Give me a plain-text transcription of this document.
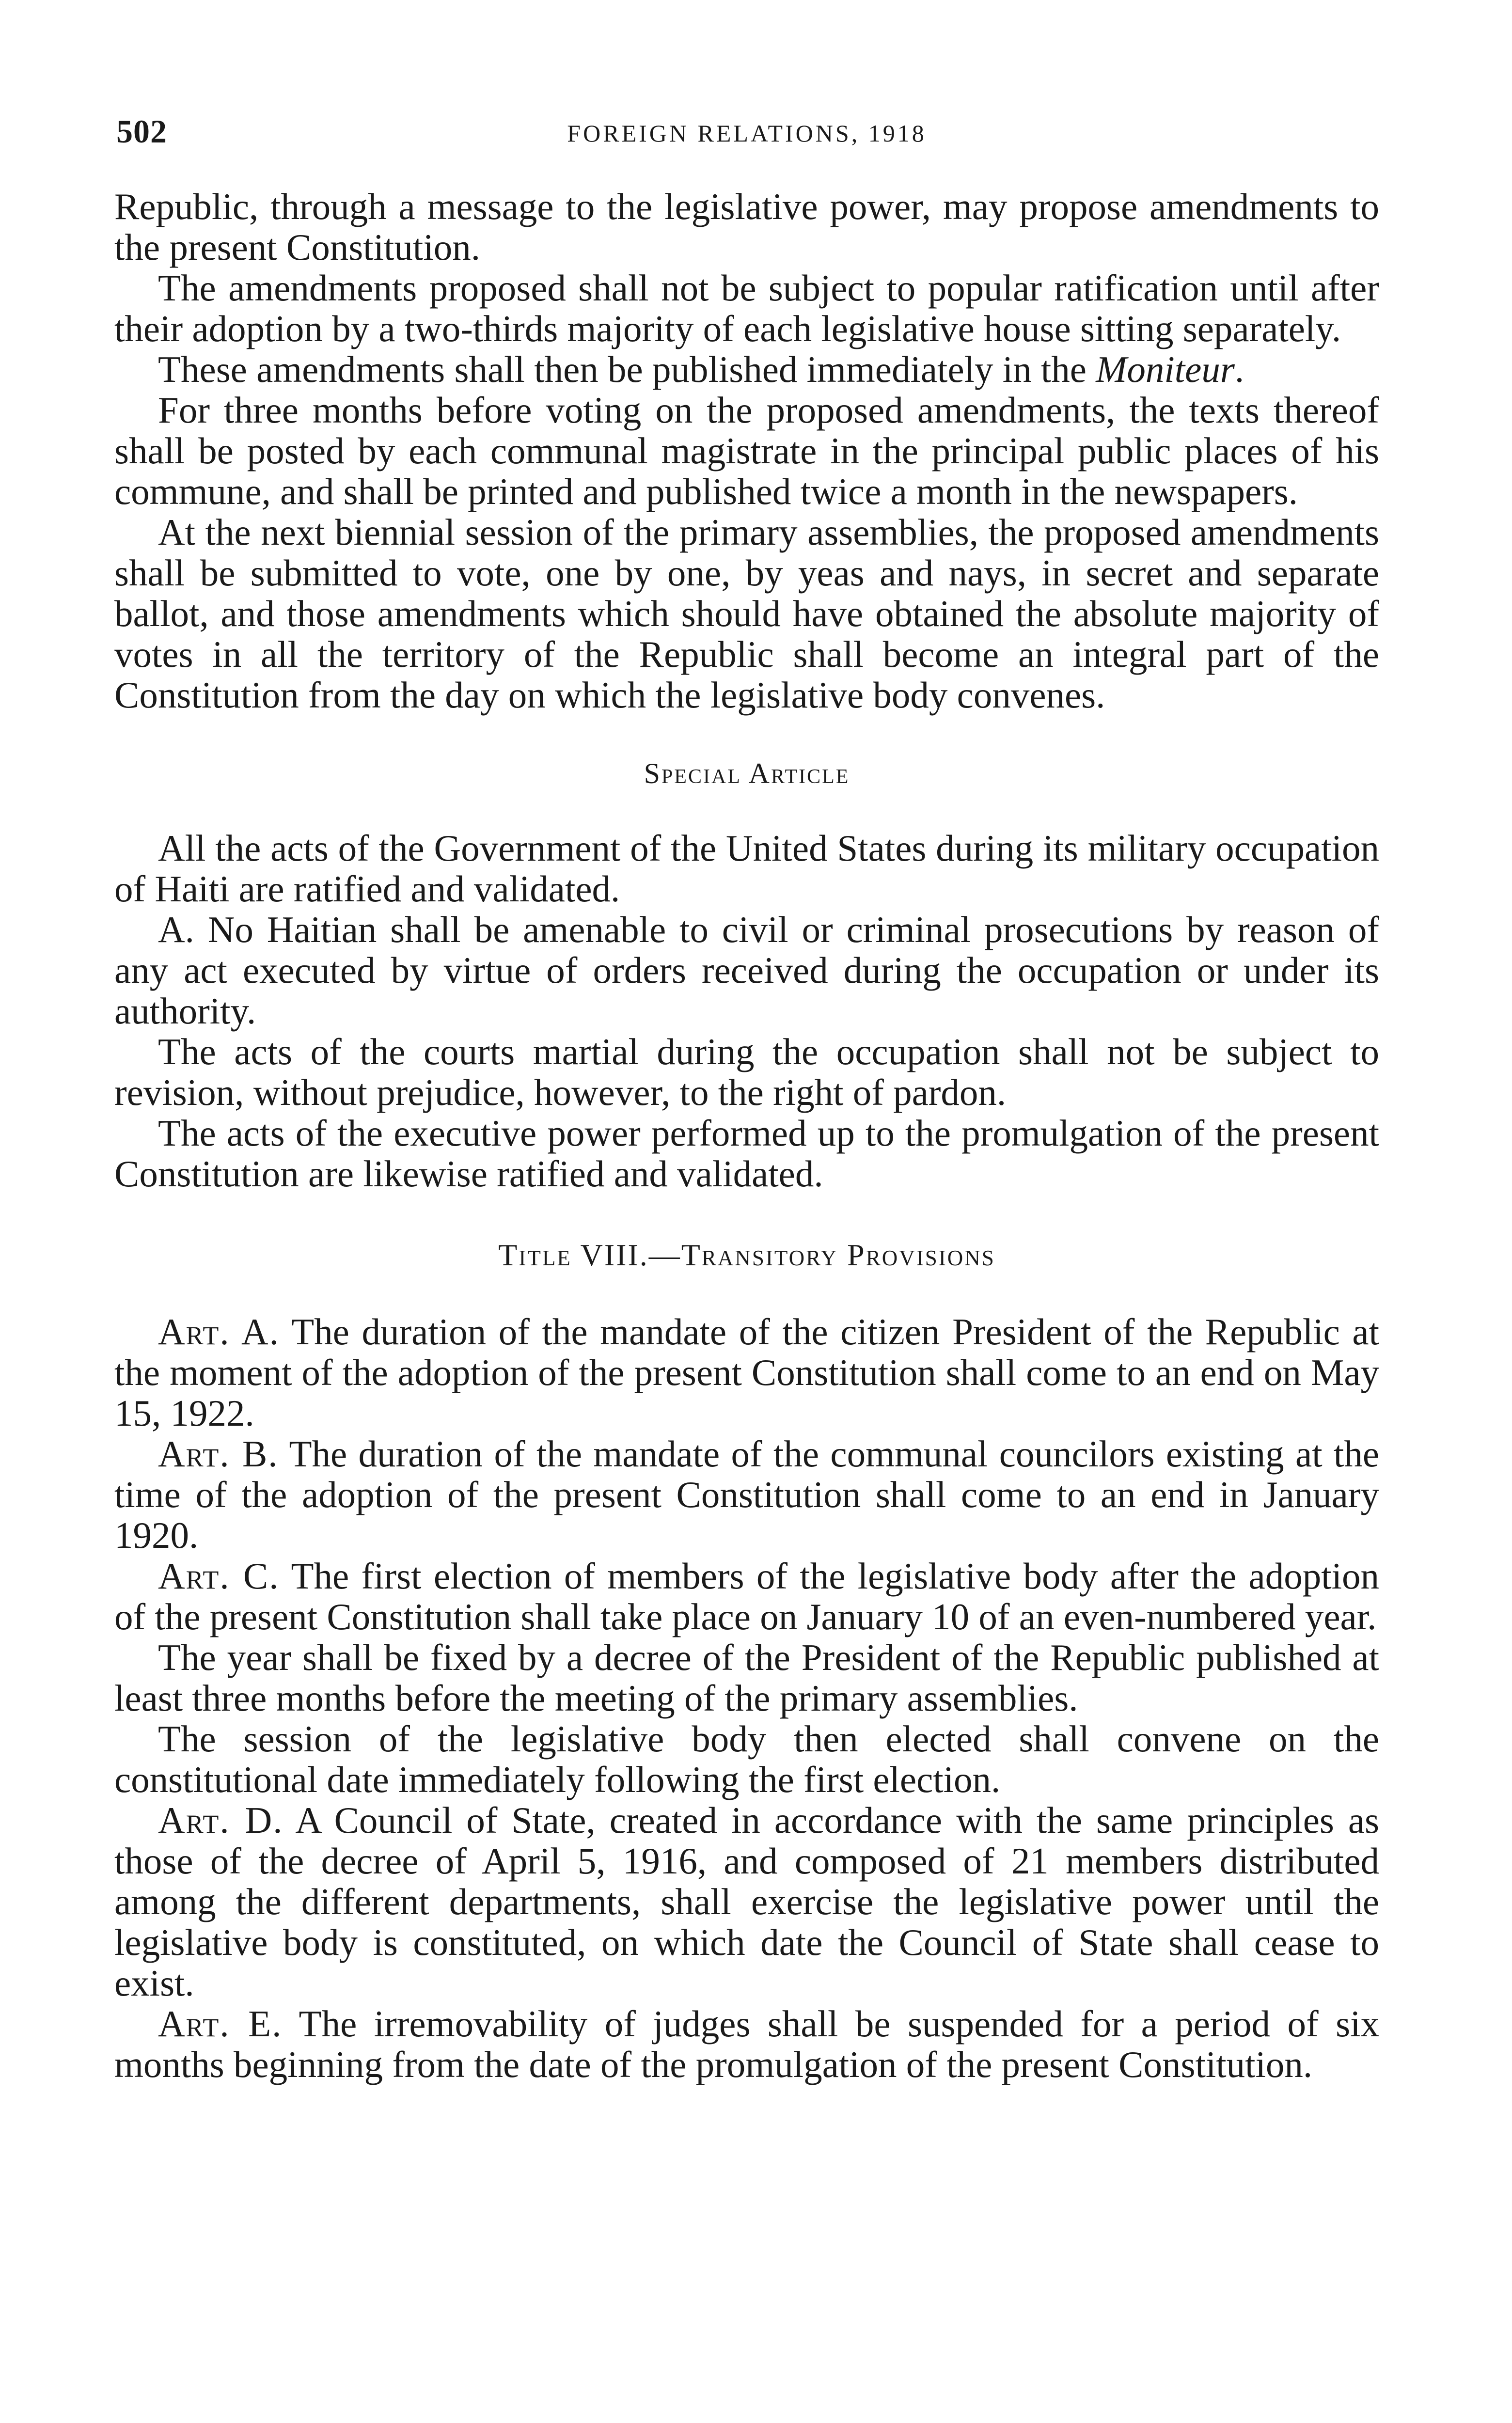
502	FOREIGN RELATIONS, 1918

Republic, through a message to the legislative power, may propose amendments to the present Constitution.

The amendments proposed shall not be subject to popular ratification until after their adoption by a two-thirds majority of each legislative house sitting separately.

These amendments shall then be published immediately in the Moniteur.

For three months before voting on the proposed amendments, the texts thereof shall be posted by each communal magistrate in the principal public places of his commune, and shall be printed and published twice a month in the newspapers.

At the next biennial session of the primary assemblies, the proposed amendments shall be submitted to vote, one by one, by yeas and nays, in secret and separate ballot, and those amendments which should have obtained the absolute majority of votes in all the territory of the Republic shall become an integral part of the Constitution from the day on which the legislative body convenes.

Special Article

All the acts of the Government of the United States during its military occupation of Haiti are ratified and validated.

A. No Haitian shall be amenable to civil or criminal prosecutions by reason of any act executed by virtue of orders received during the occupation or under its authority.

The acts of the courts martial during the occupation shall not be subject to revision, without prejudice, however, to the right of pardon.

The acts of the executive power performed up to the promulgation of the present Constitution are likewise ratified and validated.

Title VIII.—Transitory Provisions

Art. A. The duration of the mandate of the citizen President of the Republic at the moment of the adoption of the present Constitution shall come to an end on May 15, 1922.

Art. B. The duration of the mandate of the communal councilors existing at the time of the adoption of the present Constitution shall come to an end in January 1920.

Art. C. The first election of members of the legislative body after the adoption of the present Constitution shall take place on January 10 of an even-numbered year.

The year shall be fixed by a decree of the President of the Republic published at least three months before the meeting of the primary assemblies.

The session of the legislative body then elected shall convene on the constitutional date immediately following the first election.

Art. D. A Council of State, created in accordance with the same principles as those of the decree of April 5, 1916, and composed of 21 members distributed among the different departments, shall exercise the legislative power until the legislative body is constituted, on which date the Council of State shall cease to exist.

Art. E. The irremovability of judges shall be suspended for a period of six months beginning from the date of the promulgation of the present Constitution.
